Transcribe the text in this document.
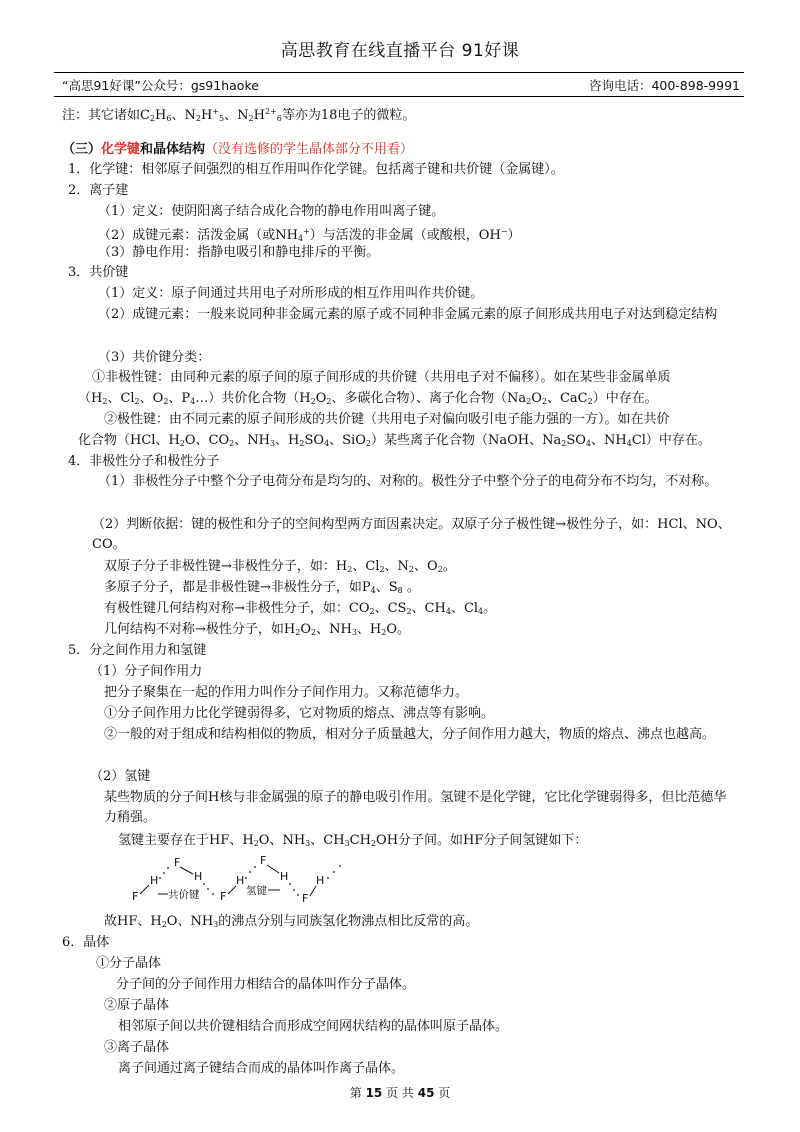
高思教育在线直播平台 91好课
“高思91好课”公众号：gs91haoke	咨询电话：400-898-9991
注：其它诸如$C_2H_6$、$N_2H^+_5$、$N_2H^{2+}_6$等亦为18电子的微粒。
（三）化学键和晶体结构（没有选修的学生晶体部分不用看）
1．化学键：相邻原子间强烈的相互作用叫作化学键。包括离子键和共价键（金属键）。
2．离子建
（1）定义：使阴阳离子结合成化合物的静电作用叫离子键。
（2）成键元素：活泼金属（或$NH_4^+$）与活泼的非金属（或酸根，OH−）
（3）静电作用：指静电吸引和静电排斥的平衡。
3．共价键
（1）定义：原子间通过共用电子对所形成的相互作用叫作共价键。
（2）成键元素：一般来说同种非金属元素的原子或不同种非金属元素的原子间形成共用电子对达到稳定结构
（3）共价键分类：
①非极性键：由同种元素的原子间的原子间形成的共价键（共用电子对不偏移）。如在某些非金属单质
（$H_2$、$Cl_2$、$O_2$、$P_4\dots$）共价化合物（$H_2O_2$、多碳化合物）、离子化合物（$Na_2O_2$、CaC$_2$）中存在。
②极性键：由不同元素的原子间形成的共价键（共用电子对偏向吸引电子能力强的一方）。如在共价
化合物（HCl、$H_2O$、$CO_2$、$NH_3$、$H_2SO_4$、SiO$_2$）某些离子化合物（NaOH、$Na_2SO_4$、$NH_4Cl$）中存在。
4．非极性分子和极性分子
（1）非极性分子中整个分子电荷分布是均匀的、对称的。极性分子中整个分子的电荷分布不均匀，不对称。
（2）判断依据：键的极性和分子的空间构型两方面因素决定。双原子分子极性键→极性分子，如：HCl、NO、CO。
双原子分子非极性键→非极性分子，如：$H_2$、$Cl_2$、$N_2$、$O_2$。
多原子分子，都是非极性键→非极性分子，如$P_4$、$S_8$ 。
有极性键几何结构对称→非极性分子，如：$CO_2$、$CS_2$、$CH_4$、$Cl_4$。
几何结构不对称→极性分子，如$H_2O_2$、$NH_3$、$H_2O$。
5．分之间作用力和氢键
（1）分子间作用力
把分子聚集在一起的作用力叫作分子间作用力。又称范德华力。
①分子间作用力比化学键弱得多，它对物质的熔点、沸点等有影响。
②一般的对于组成和结构相似的物质，相对分子质量越大，分子间作用力越大，物质的熔点、沸点也越高。
（2）氢键
某些物质的分子间H核与非金属强的原子的静电吸引作用。氢键不是化学键，它比化学键弱得多，但比范德华力稍强。
氢键主要存在于HF、$H_2O$、$NH_3$、$CH_3CH_2OH$分子间。如HF分子间氢键如下：
F
H
F
H
F
H
F
H
F
H
共价键	氢键
故HF、$H_2O$、$NH_3$的沸点分别与同族氢化物沸点相比反常的高。
6．晶体
①分子晶体
分子间的分子间作用力相结合的晶体叫作分子晶体。
②原子晶体
相邻原子间以共价键相结合而形成空间网状结构的晶体叫原子晶体。
③离子晶体
离子间通过离子键结合而成的晶体叫作离子晶体。
第 15 页 共 45 页
